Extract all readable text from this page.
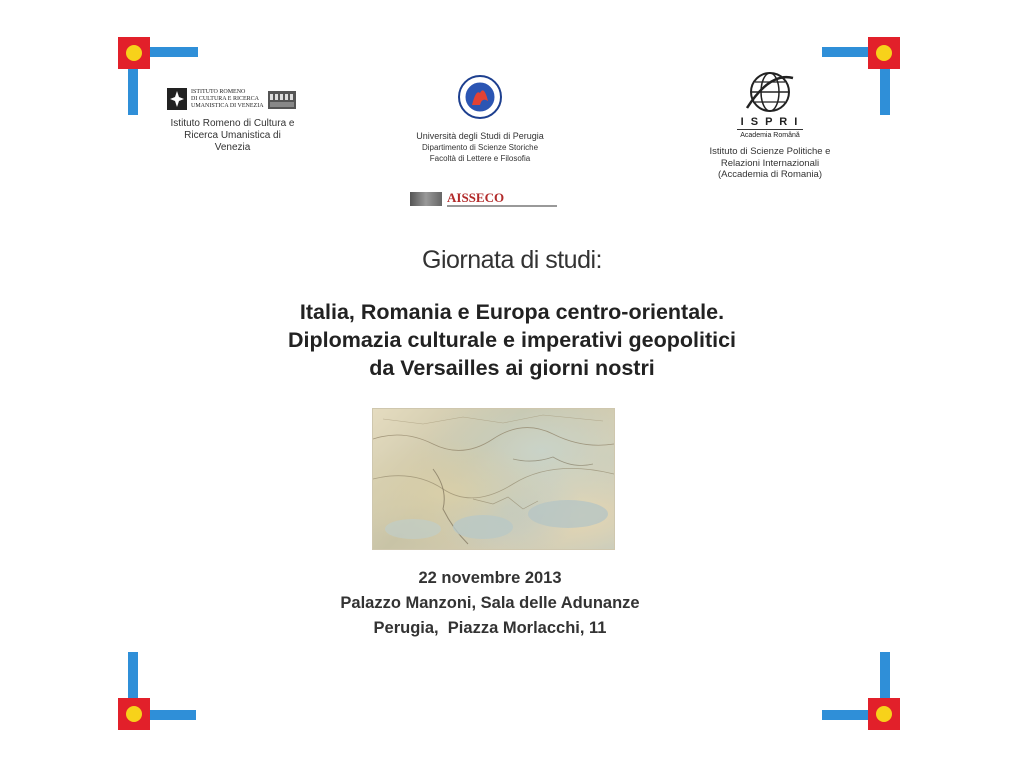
ISTITUTO ROMENO
DI CULTURA E RICERCA
UMANISTICA DI VENEZIA
Istituto Romeno di Cultura e
Ricerca Umanistica di Venezia
Università degli Studi di Perugia
Dipartimento di Scienze Storiche
Facoltà di Lettere e Filosofia
AISSECO
I S P R I
Academia Română
Istituto di Scienze Politiche e
Relazioni Internazionali
(Accademia di Romania)
Giornata di studi:
Italia, Romania e Europa centro-orientale.
Diplomazia culturale e imperativi geopolitici
da Versailles ai giorni nostri
22 novembre 2013
Palazzo Manzoni, Sala delle Adunanze
Perugia,  Piazza Morlacchi, 11
